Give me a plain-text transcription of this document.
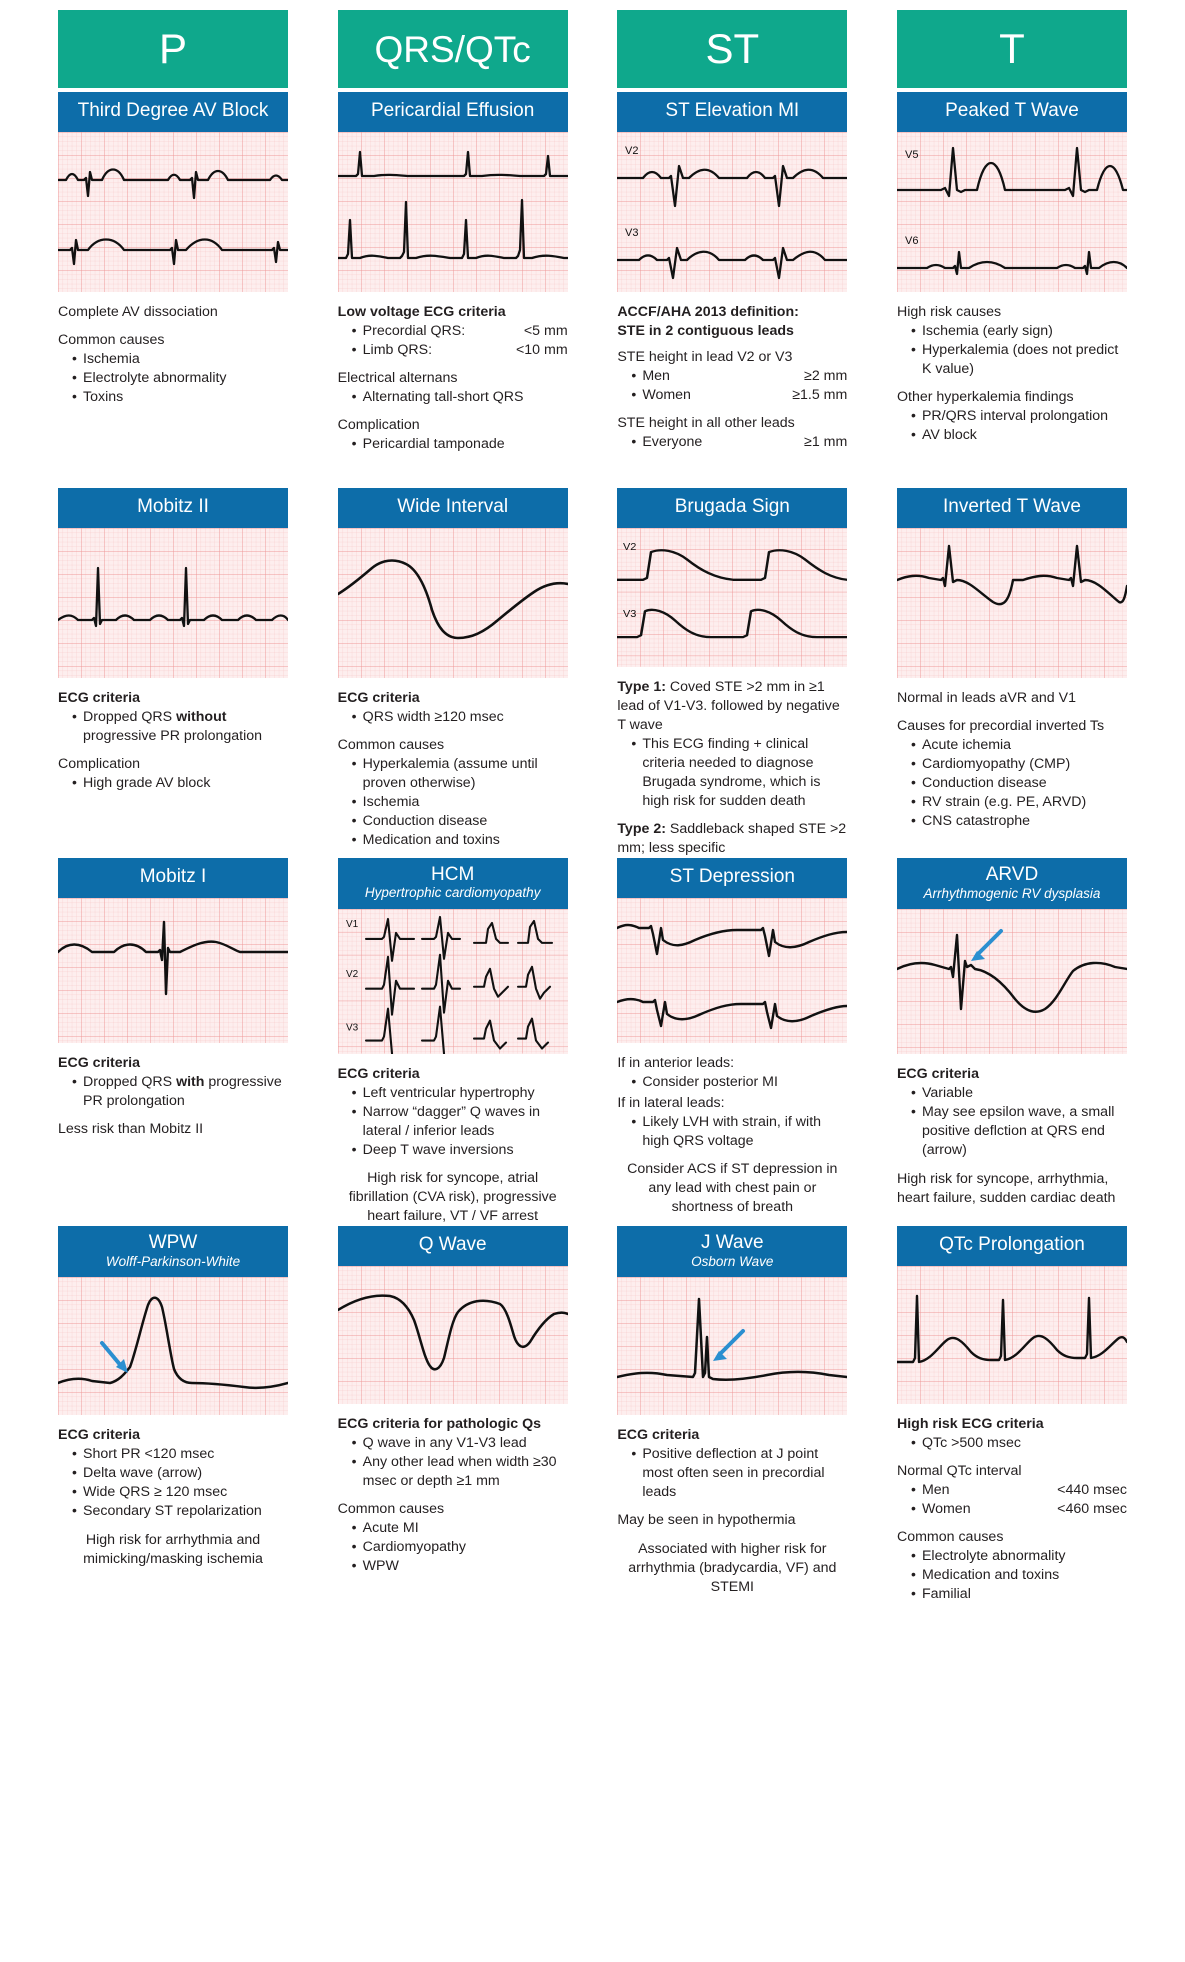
P
Third Degree AV Block
Complete AV dissociation
Common causes
• Ischemia
• Electrolyte abnormality
• Toxins
QRS/QTc
Pericardial Effusion
Low voltage ECG criteria
• Precordial QRS:	<5 mm
• Limb QRS:	<10 mm
Electrical alternans
• Alternating tall-short QRS
Complication
• Pericardial tamponade
ST
ST Elevation MI
V2
V3
ACCF/AHA 2013 definition:
STE in 2 contiguous leads
STE height in lead V2 or V3
• Men	≥2 mm
• Women	≥1.5 mm
STE height in all other leads
• Everyone	≥1 mm
T
Peaked T Wave
V5
V6
High risk causes
• Ischemia (early sign)
• Hyperkalemia (does not predict K value)
Other hyperkalemia findings
• PR/QRS interval prolongation
• AV block
Mobitz II
ECG criteria
• Dropped QRS without progressive PR prolongation
Complication
• High grade AV block
Wide Interval
ECG criteria
• QRS width ≥120 msec
Common causes
• Hyperkalemia (assume until proven otherwise)
• Ischemia
• Conduction disease
• Medication and toxins
Brugada Sign
V2
V3
Type 1: Coved STE >2 mm in ≥1 lead of V1-V3. followed by negative T wave
• This ECG finding + clinical criteria needed to diagnose Brugada syndrome, which is high risk for sudden death
Type 2: Saddleback shaped STE >2 mm; less specific
Inverted T Wave
Normal in leads aVR and V1
Causes for precordial inverted Ts
• Acute ichemia
• Cardiomyopathy (CMP)
• Conduction disease
• RV strain (e.g. PE, ARVD)
• CNS catastrophe
Mobitz I
ECG criteria
• Dropped QRS with progressive PR prolongation
Less risk than Mobitz II
HCM
Hypertrophic cardiomyopathy
V1
V2
V3
ECG criteria
• Left ventricular hypertrophy
• Narrow “dagger” Q waves in lateral / inferior leads
• Deep T wave inversions
High risk for syncope, atrial fibrillation (CVA risk), progressive heart failure, VT / VF arrest
ST Depression
If in anterior leads:
• Consider posterior MI
If in lateral leads:
• Likely LVH with strain, if with high QRS voltage
Consider ACS if ST depression in any lead with chest pain or shortness of breath
ARVD
Arrhythmogenic RV dysplasia
ECG criteria
• Variable
• May see epsilon wave, a small positive deflction at QRS end (arrow)
High risk for syncope, arrhythmia, heart failure, sudden cardiac death
WPW
Wolff-Parkinson-White
ECG criteria
• Short PR <120 msec
• Delta wave (arrow)
• Wide QRS ≥ 120 msec
• Secondary ST repolarization
High risk for arrhythmia and mimicking/masking ischemia
Q Wave
ECG criteria for pathologic Qs
• Q wave in any V1-V3 lead
• Any other lead when width ≥30 msec or depth ≥1 mm
Common causes
• Acute MI
• Cardiomyopathy
• WPW
J Wave
Osborn Wave
ECG criteria
• Positive deflection at J point most often seen in precordial leads
May be seen in hypothermia
Associated with higher risk for arrhythmia (bradycardia, VF) and STEMI
QTc Prolongation
High risk ECG criteria
• QTc >500 msec
Normal QTc interval
• Men	<440 msec
• Women	<460 msec
Common causes
• Electrolyte abnormality
• Medication and toxins
• Familial
